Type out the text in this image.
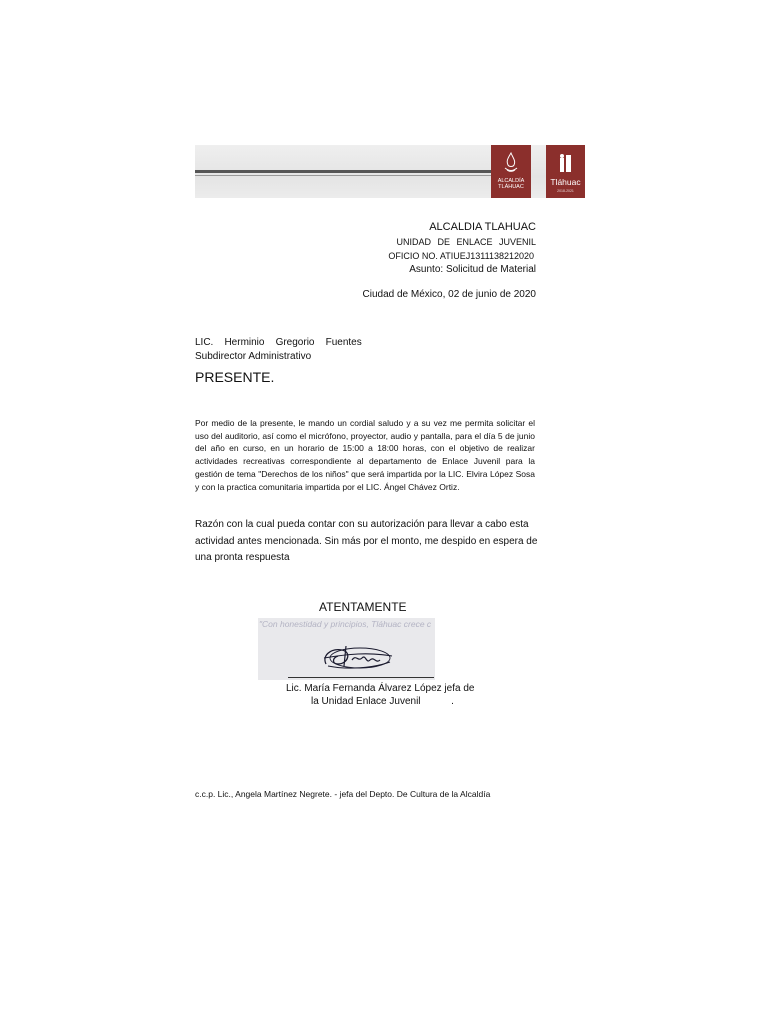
ALCALDÍA TLÁHUAC	Tláhuac
2018-2021
ALCALDIA TLAHUAC
UNIDAD DE ENLACE JUVENIL
OFICIO NO. ATIUEJ1311138212020
Asunto: Solicitud de Material
Ciudad de México, 02 de junio de 2020
LIC.    Herminio    Gregorio    Fuentes
Subdirector Administrativo
PRESENTE.
Por medio de la presente, le mando un cordial saludo y a su vez me permita solicitar el uso del auditorio, así como el micrófono, proyector, audio y pantalla, para el día 5 de junio del año en curso, en un horario de 15:00 a 18:00 horas, con el objetivo de realizar actividades recreativas correspondiente al departamento de Enlace Juvenil para la gestión de tema "Derechos de los niños" que será impartida por la LIC. Elvira López Sosa y con la practica comunitaria impartida por el LIC. Ángel Chávez Ortiz.
Razón con la cual pueda contar con su autorización para llevar a cabo esta actividad antes mencionada. Sin más por el monto, me despido en espera de una pronta respuesta
ATENTAMENTE
"Con honestidad y principios, Tláhuac crece c
Lic. María Fernanda Álvarez López jefa de
la Unidad Enlace Juvenil           .
c.c.p. Lic., Angela Martínez Negrete. - jefa del Depto. De Cultura de la Alcaldía
